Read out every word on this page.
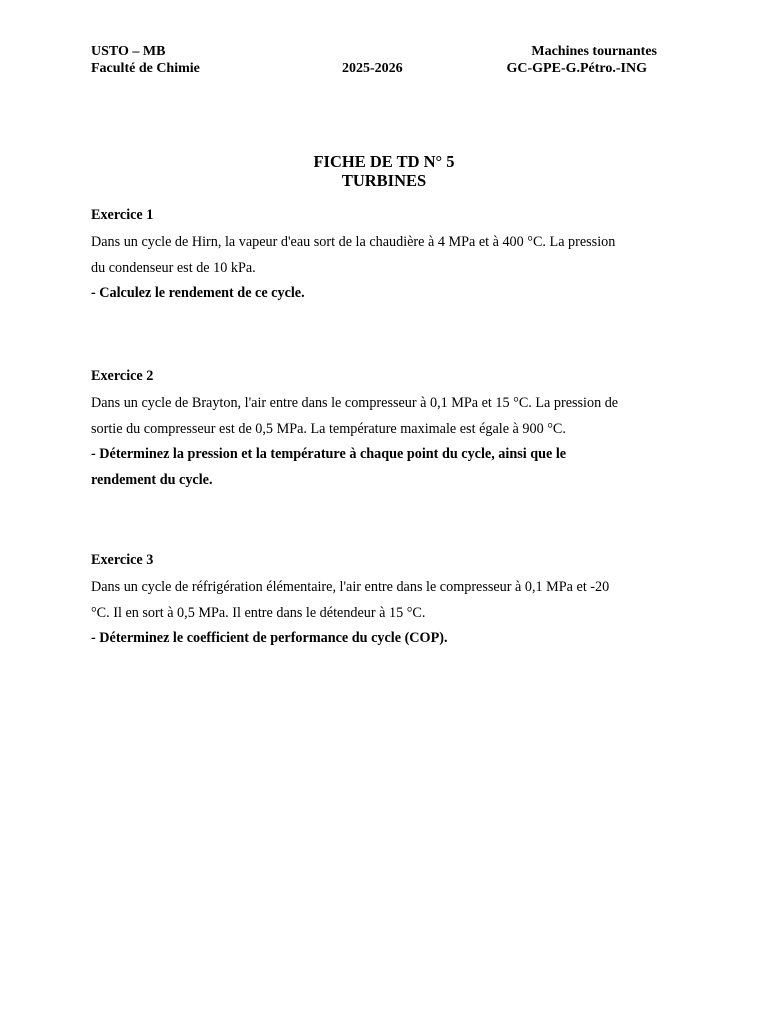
USTO – MB
Faculté de Chimie	2025-2026
Machines tournantes
GC-GPE-G.Pétro.-ING
FICHE DE TD N° 5
TURBINES
Exercice 1
Dans un cycle de Hirn, la vapeur d'eau sort de la chaudière à 4 MPa et à 400 °C. La pression
du condenseur est de 10 kPa.
- Calculez le rendement de ce cycle.
Exercice 2
Dans un cycle de Brayton, l'air entre dans le compresseur à 0,1 MPa et 15 °C. La pression de
sortie du compresseur est de 0,5 MPa. La température maximale est égale à 900 °C.
- Déterminez la pression et la température à chaque point du cycle, ainsi que le
rendement du cycle.
Exercice 3
Dans un cycle de réfrigération élémentaire, l'air entre dans le compresseur à 0,1 MPa et -20
°C. Il en sort à 0,5 MPa. Il entre dans le détendeur à 15 °C.
- Déterminez le coefficient de performance du cycle (COP).
